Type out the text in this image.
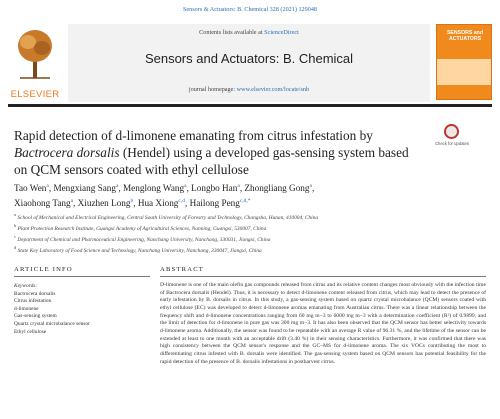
Sensors & Actuators: B. Chemical 328 (2021) 129048
ELSEVIER
Contents lists available at ScienceDirect
Sensors and Actuators: B. Chemical
journal homepage: www.elsevier.com/locate/snb
SENSORS and ACTUATORS
Rapid detection of d-limonene emanating from citrus infestation by Bactrocera dorsalis (Hendel) using a developed gas-sensing system based on QCM sensors coated with ethyl cellulose
Check for updates
Tao Wen$^a$, Mengxiang Sang$^a$, Menglong Wang$^a$, Longbo Han$^a$, Zhongliang Gong$^a$,
Xiaohong Tang$^a$, Xiuzhen Long$^b$, Hua Xiong$^{c,d}$, Hailong Peng$^{c,d,*}$
$^a$ School of Mechanical and Electrical Engineering, Central South University of Forestry and Technology, Changsha, Hunan, 410004, China
$^b$ Plant Protection Research Institute, Guangxi Academy of Agricultural Sciences, Nanning, Guangxi, 530007, China
$^c$ Department of Chemical and Pharmaceutical Engineering, Nanchang University, Nanchang, 330031, Jiangxi, China
$^d$ State Key Laboratory of Food Science and Technology, Nanchang University, Nanchang, 330047, Jiangxi, China
ARTICLE INFO	ABSTRACT
Keywords:
Bactrocera dorsalis
Citrus infestation
d-limonene
Gas-sensing system
Quartz crystal microbalance sensor
Ethyl cellulose
D-limonene is one of the main olefin gas compounds released from citrus and its relative content changes most obviously with the infection time of Bactrocera dorsalis (Hendel). Thus, it is necessary to detect d-limonene content released from citrus, which may lead to detect the presence of early infestation by B. dorsalis in citrus. In this study, a gas-sensing system based on quartz crystal microbalance (QCM) sensors coated with ethyl cellulose (EC) was developed to detect d-limonene aromas emanating from Australian citrus. There was a linear relationship between the frequency shift and d-limonene concentrations ranging from 60 mg m−3 to 6000 mg m−3 with a determination coefficient (R²) of 0.9899, and the limit of detection for d-limonene in pure gas was 300 mg m−3. It has also been observed that the QCM sensor has better selectivity towards d-limonene aroma. Additionally, the sensor was found to be repeatable with an average R value of 96.31 %, and the lifetime of the sensor can be extended at least to one month with an acceptable drift (3.40 %) in their sensing characteristics. Furthermore, it was confirmed that there was high consistency between the QCM sensor's response and the GC–MS for d-limonene aroma. The six VOCs contributing the most to differentiating citrus infested with B. dorsalis were identified. The gas-sensing system based on QCM sensors has potential feasibility for the rapid detection of the presence of B. dorsalis infestations in postharvest citrus.
